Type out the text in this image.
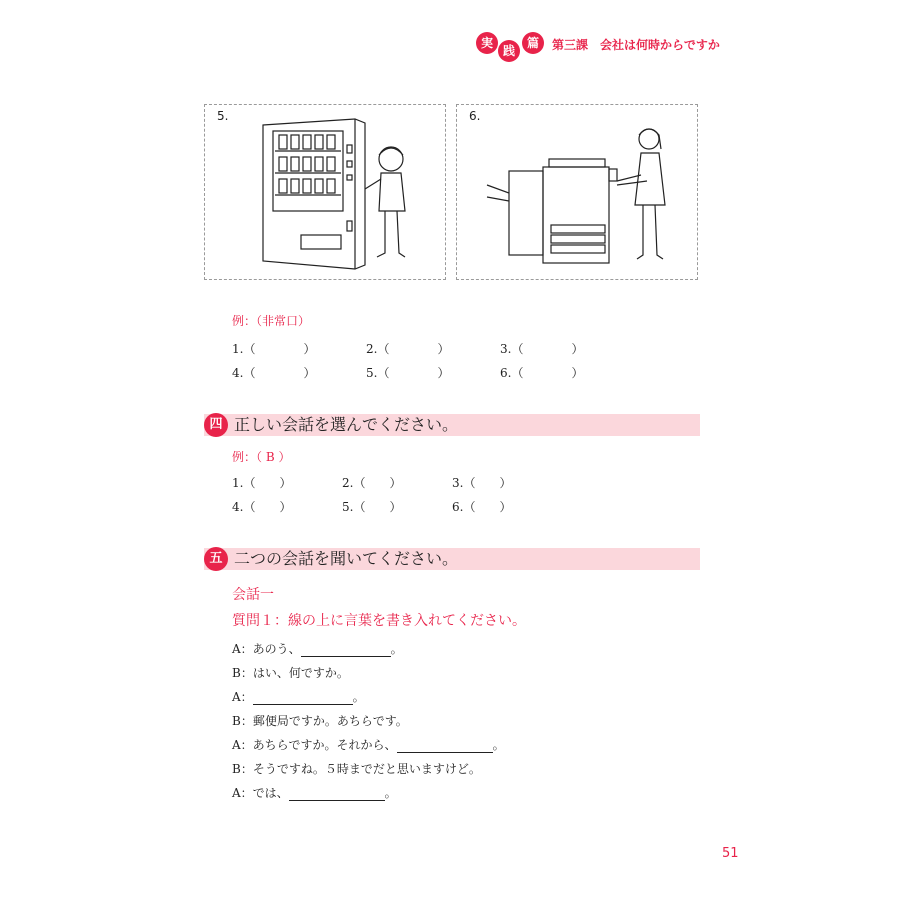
実
践
篇	第三課　会社は何時からですか
5.	6.
例：（非常口）
1.（　　　　）	2.（　　　　）	3.（　　　　）
4.（　　　　）	5.（　　　　）	6.（　　　　）
四 正しい会話を選んでください。
例：（ B ）
1.（　　）	2.（　　）	3.（　　）
4.（　　）	5.（　　）	6.（　　）
五 二つの会話を聞いてください。
会話一
質問１：線の上に言葉を書き入れてください。
A：あのう、	。
B：はい、何ですか。
A：	。
B：郵便局ですか。あちらです。
A：あちらですか。それから、	。
B：そうですね。５時までだと思いますけど。
A：では、	。
51
